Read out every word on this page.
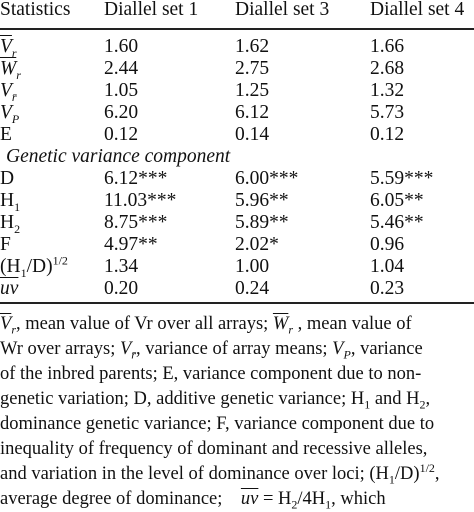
Statistics	Diallel set 1	Diallel set 3	Diallel set 4
$\overline{V}_r$	1.60	1.62	1.66
$\overline{W}_r$	2.44	2.75	2.68
$V_{r̄}$	1.05	1.25	1.32
$V_P$	6.20	6.12	5.73
E	0.12	0.14	0.12
Genetic variance component			
D	6.12***	6.00***	5.59***
$H_1$	11.03***	5.96**	6.05**
$H_2$	8.75***	5.89**	5.46**
F	4.97**	2.02*	0.96
$(H_1/D)^{1/2}$	1.34	1.00	1.04
$\overline{uv}$	0.20	0.24	0.23
$\overline{V}_r$, mean value of Vr over all arrays; $\overline{W}_r$ , mean value of
Wr over arrays; $V_{r̄}$, variance of array means; $V_P$, variance
of the inbred parents; E, variance component due to non-
genetic variation; D, additive genetic variance; $H_1$ and $H_2$,
dominance genetic variance; F, variance component due to
inequality of frequency of dominant and recessive alleles,
and variation in the level of dominance over loci; $(H_1/D)^{1/2}$,
average degree of dominance; $\overline{uv} = H_2/4H_1$, which
